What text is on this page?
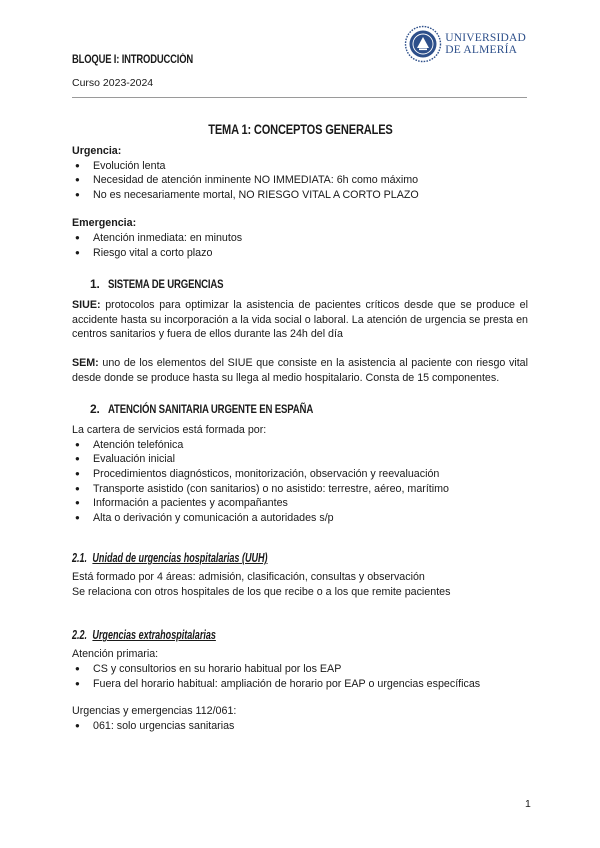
BLOQUE I: INTRODUCCIÓN
Curso 2023-2024
UNIVERSIDAD
DE ALMERÍA
TEMA 1: CONCEPTOS GENERALES
Urgencia:
● Evolución lenta
● Necesidad de atención inminente NO IMMEDIATA: 6h como máximo
● No es necesariamente mortal, NO RIESGO VITAL A CORTO PLAZO
Emergencia:
● Atención inmediata: en minutos
● Riesgo vital a corto plazo
1. SISTEMA DE URGENCIAS
SIUE: protocolos para optimizar la asistencia de pacientes críticos desde que se produce el accidente hasta su incorporación a la vida social o laboral. La atención de urgencia se presta en centros sanitarios y fuera de ellos durante las 24h del día
SEM: uno de los elementos del SIUE que consiste en la asistencia al paciente con riesgo vital desde donde se produce hasta su llega al medio hospitalario. Consta de 15 componentes.
2. ATENCIÓN SANITARIA URGENTE EN ESPAÑA
La cartera de servicios está formada por:
● Atención telefónica
● Evaluación inicial
● Procedimientos diagnósticos, monitorización, observación y reevaluación
● Transporte asistido (con sanitarios) o no asistido: terrestre, aéreo, marítimo
● Información a pacientes y acompañantes
● Alta o derivación y comunicación a autoridades s/p
2.1. Unidad de urgencias hospitalarias (UUH)
Está formado por 4 áreas: admisión, clasificación, consultas y observación
Se relaciona con otros hospitales de los que recibe o a los que remite pacientes
2.2. Urgencias extrahospitalarias
Atención primaria:
● CS y consultorios en su horario habitual por los EAP
● Fuera del horario habitual: ampliación de horario por EAP o urgencias específicas
Urgencias y emergencias 112/061:
● 061: solo urgencias sanitarias
1
